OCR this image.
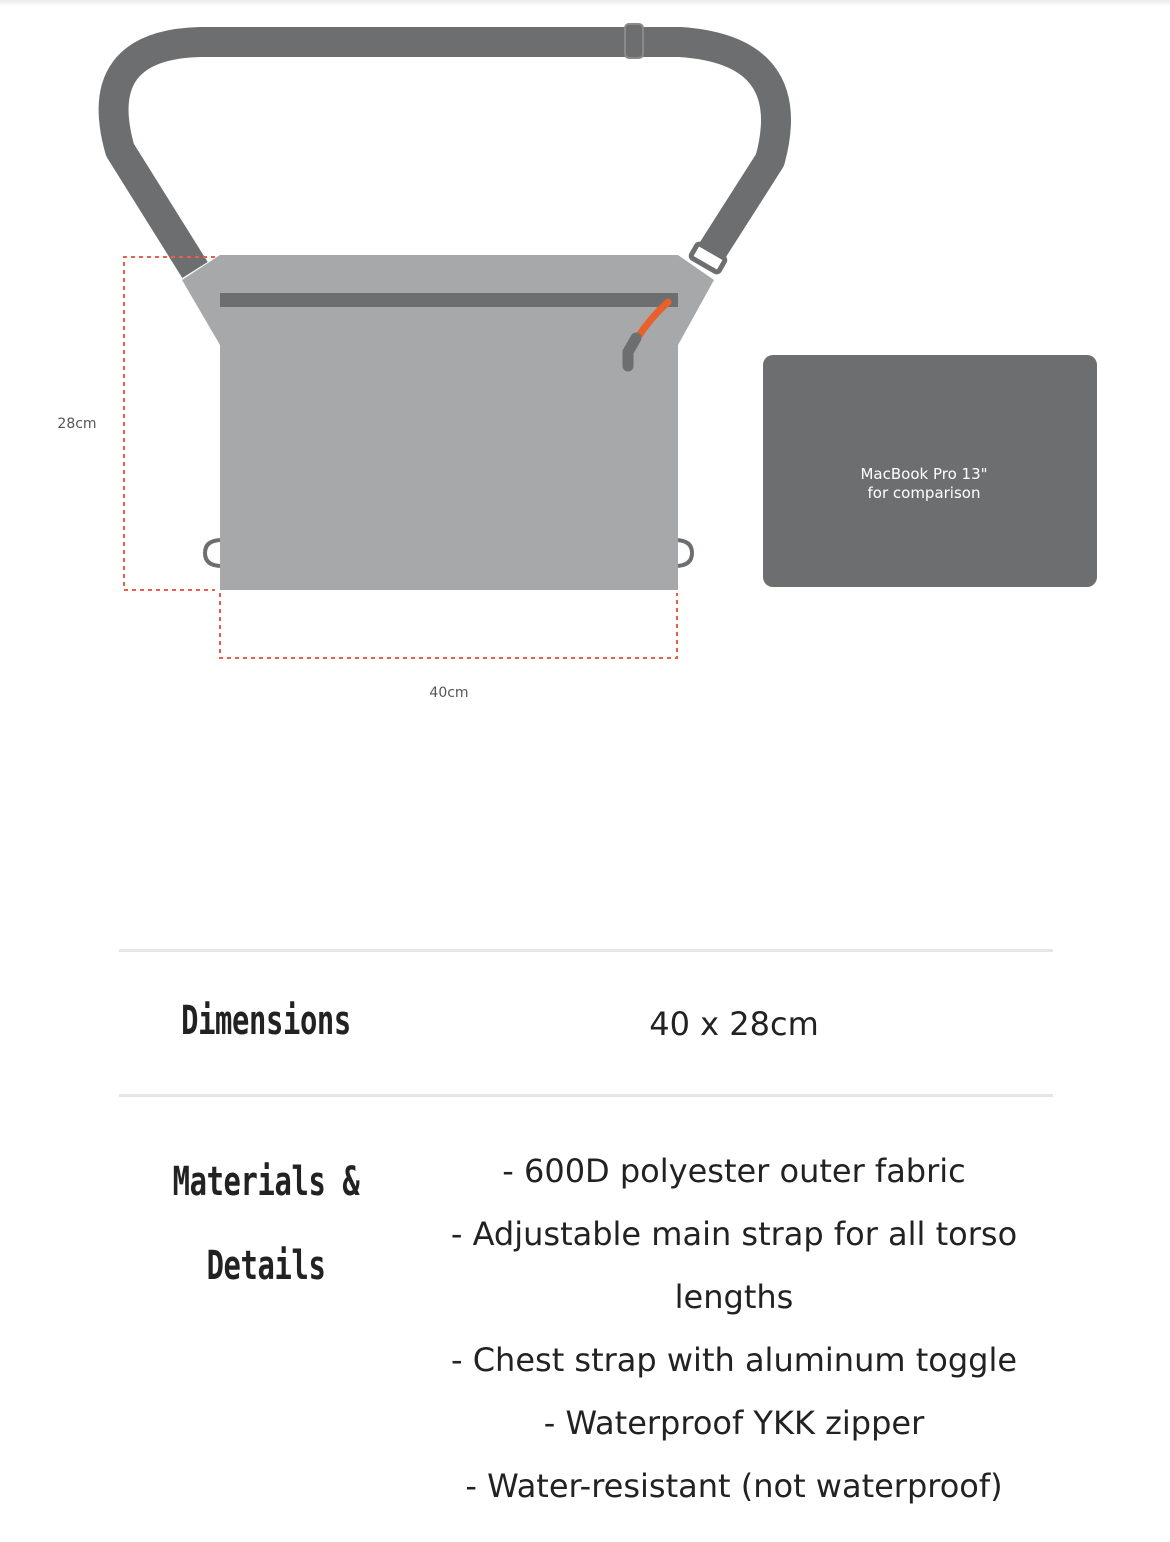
28cm
40cm
MacBook Pro 13"
for comparison
Dimensions	40 x 28cm
Materials &
Details
- 600D polyester outer fabric
- Adjustable main strap for all torso
lengths
- Chest strap with aluminum toggle
- Waterproof YKK zipper
- Water-resistant (not waterproof)
